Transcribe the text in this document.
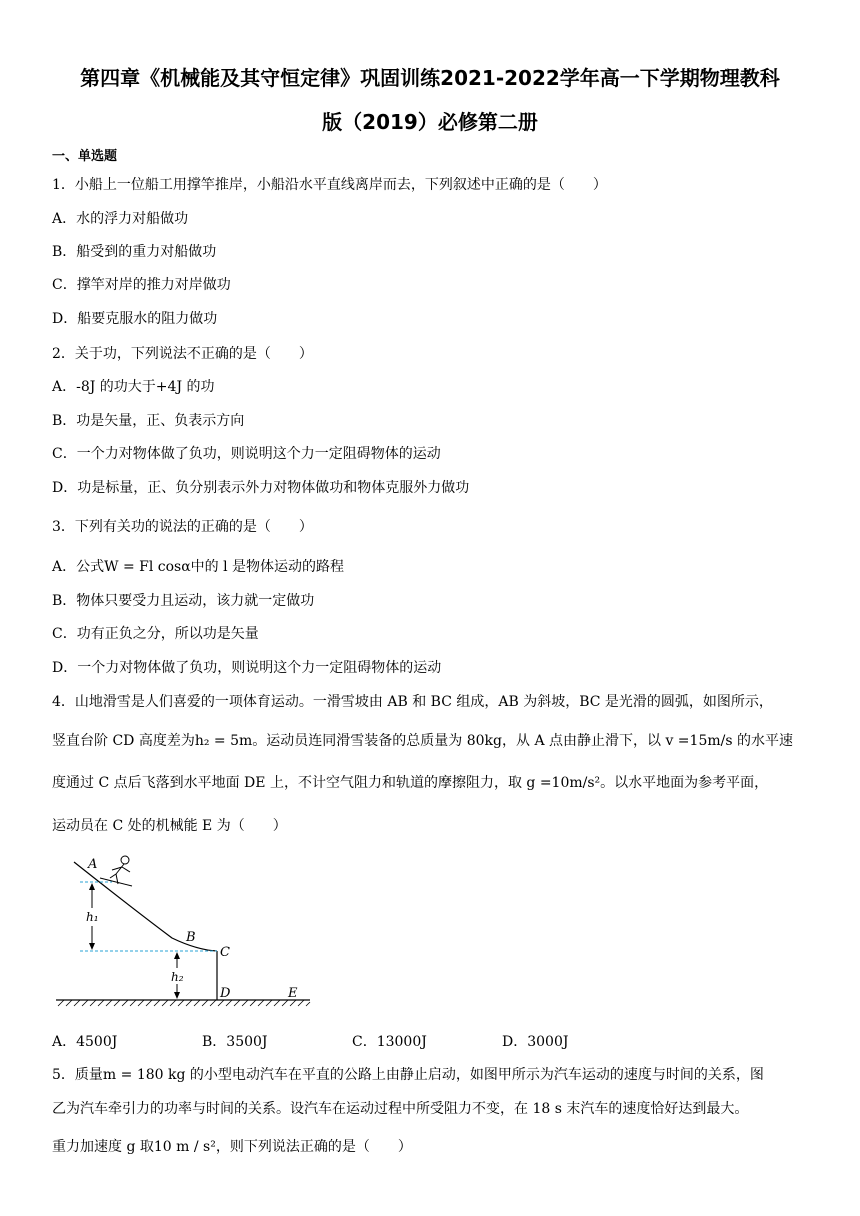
第四章《机械能及其守恒定律》巩固训练2021-2022学年高一下学期物理教科
版（2019）必修第二册
一、单选题
1．小船上一位船工用撑竿推岸，小船沿水平直线离岸而去，下列叙述中正确的是（　　）
A．水的浮力对船做功
B．船受到的重力对船做功
C．撑竿对岸的推力对岸做功
D．船要克服水的阻力做功
2．关于功，下列说法不正确的是（　　）
A．-8J 的功大于+4J 的功
B．功是矢量，正、负表示方向
C．一个力对物体做了负功，则说明这个力一定阻碍物体的运动
D．功是标量，正、负分别表示外力对物体做功和物体克服外力做功
3．下列有关功的说法的正确的是（　　）
A．公式W = Fl cosα中的 l 是物体运动的路程
B．物体只要受力且运动，该力就一定做功
C．功有正负之分，所以功是矢量
D．一个力对物体做了负功，则说明这个力一定阻碍物体的运动
4．山地滑雪是人们喜爱的一项体育运动。一滑雪坡由 AB 和 BC 组成，AB 为斜坡，BC 是光滑的圆弧，如图所示，
竖直台阶 CD 高度差为h₂ = 5m。运动员连同滑雪装备的总质量为 80kg，从 A 点由静止滑下，以 v =15m/s 的水平速
度通过 C 点后飞落到水平地面 DE 上，不计空气阻力和轨道的摩擦阻力，取 g =10m/s²。以水平地面为参考平面，
运动员在 C 处的机械能 E 为（　　）
A
h₁
B
C
h₂
D	E
A．4500J	B．3500J	C．13000J	D．3000J
5．质量m = 180 kg 的小型电动汽车在平直的公路上由静止启动，如图甲所示为汽车运动的速度与时间的关系，图
乙为汽车牵引力的功率与时间的关系。设汽车在运动过程中所受阻力不变，在 18 s 末汽车的速度恰好达到最大。
重力加速度 g 取10 m / s²，则下列说法正确的是（　　）
